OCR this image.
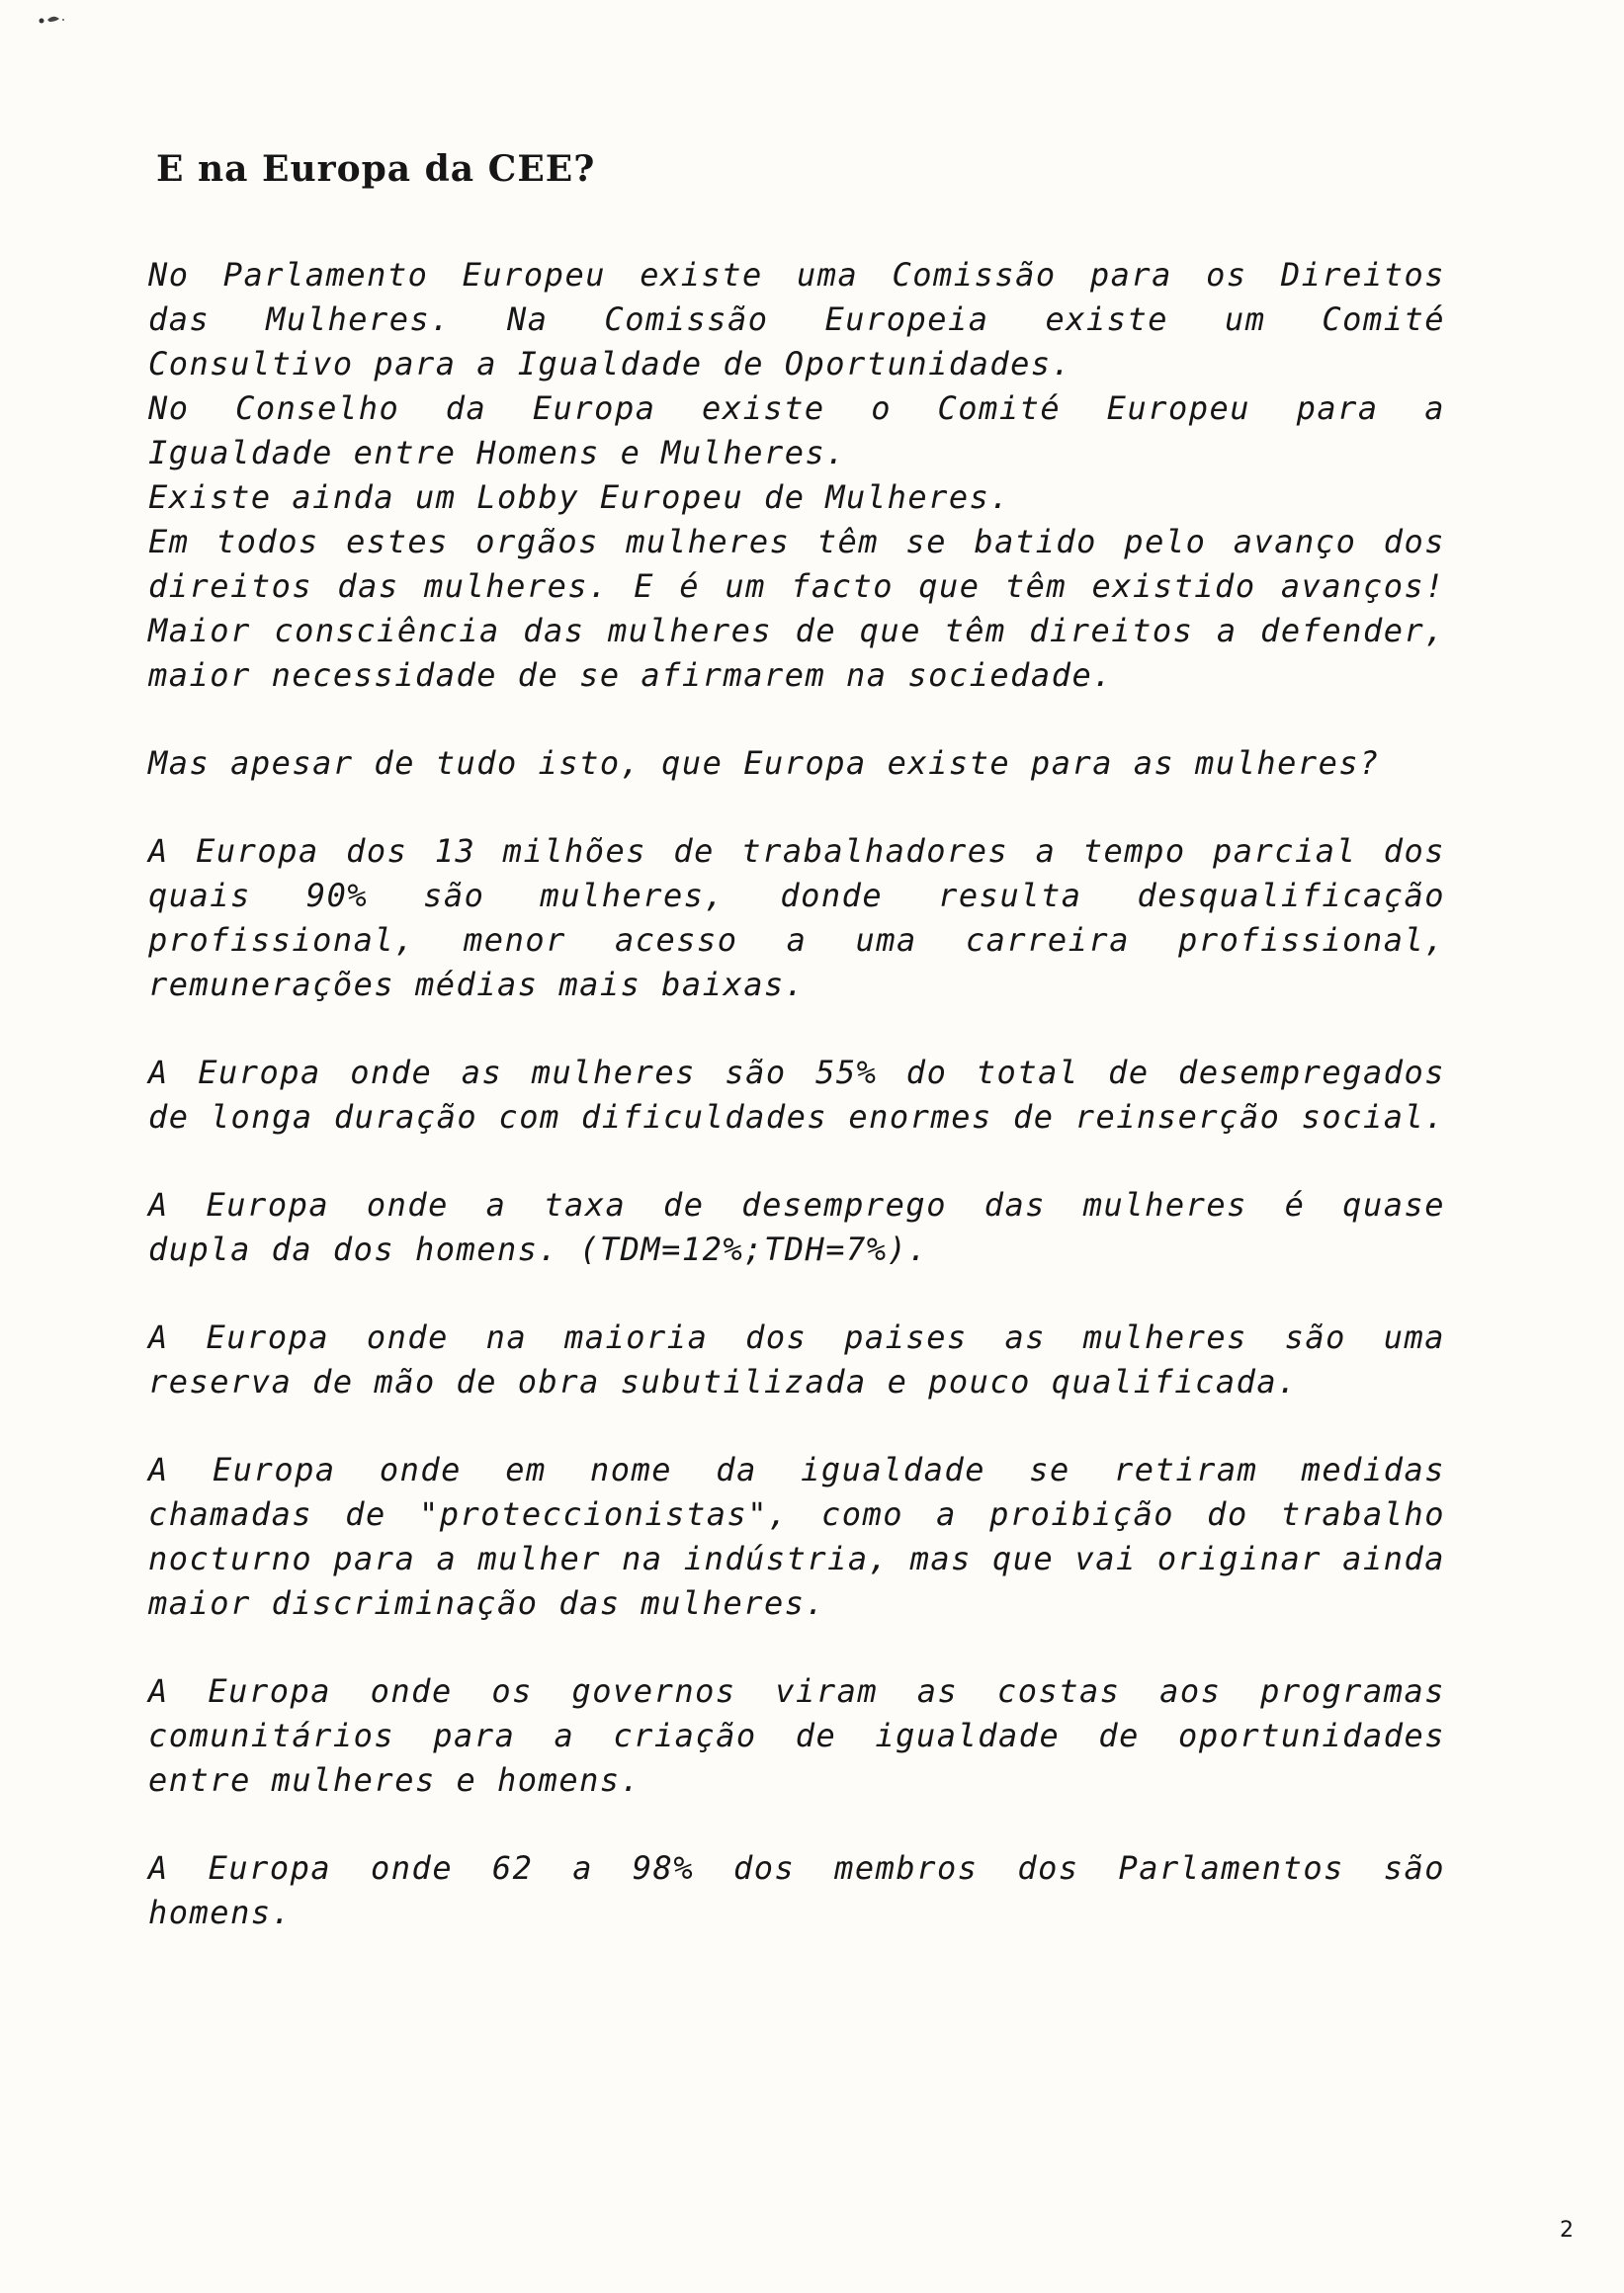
E na Europa da CEE?
No Parlamento Europeu existe uma Comissão para os Direitos
das Mulheres. Na Comissão Europeia existe um Comité
Consultivo para a Igualdade de Oportunidades.
No Conselho da Europa existe o Comité Europeu para a
Igualdade entre Homens e Mulheres.
Existe ainda um Lobby Europeu de Mulheres.
Em todos estes orgãos mulheres têm se batido pelo avanço dos
direitos das mulheres. E é um facto que têm existido avanços!
Maior consciência das mulheres de que têm direitos a defender,
maior necessidade de se afirmarem na sociedade.
Mas apesar de tudo isto, que Europa existe para as mulheres?
A Europa dos 13 milhões de trabalhadores a tempo parcial dos
quais 90% são mulheres, donde resulta desqualificação
profissional, menor acesso a uma carreira profissional,
remunerações médias mais baixas.
A Europa onde as mulheres são 55% do total de desempregados
de longa duração com dificuldades enormes de reinserção social.
A Europa onde a taxa de desemprego das mulheres é quase
dupla da dos homens. (TDM=12%;TDH=7%).
A Europa onde na maioria dos paises as mulheres são uma
reserva de mão de obra subutilizada e pouco qualificada.
A Europa onde em nome da igualdade se retiram medidas
chamadas de "proteccionistas", como a proibição do trabalho
nocturno para a mulher na indústria, mas que vai originar ainda
maior discriminação das mulheres.
A Europa onde os governos viram as costas aos programas
comunitários para a criação de igualdade de oportunidades
entre mulheres e homens.
A Europa onde 62 a 98% dos membros dos Parlamentos são
homens.
2
